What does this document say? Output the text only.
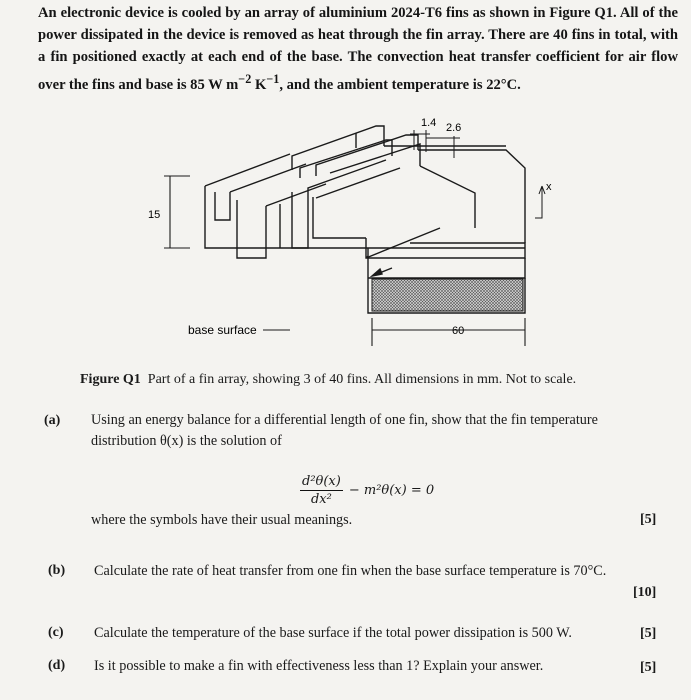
An electronic device is cooled by an array of aluminium 2024-T6 fins as shown in Figure Q1. All of the power dissipated in the device is removed as heat through the fin array. There are 40 fins in total, with a fin positioned exactly at each end of the base. The convection heat transfer coefficient for air flow over the fins and base is 85 W $m^{-2}$ $K^{-1}$, and the ambient temperature is 22°C.
15
1.4 2.6
x
base surface	60
Figure Q1 Part of a fin array, showing 3 of 40 fins. All dimensions in mm. Not to scale.
(a) Using an energy balance for a differential length of one fin, show that the fin temperature
distribution θ(x) is the solution of
$\frac{\text{d²θ(x)}}{\text{dx²}} - m^2\theta(x) = 0$
where the symbols have their usual meanings.	[5]
(b) Calculate the rate of heat transfer from one fin when the base surface temperature is 70°C.
[10]
(c) Calculate the temperature of the base surface if the total power dissipation is 500 W.	[5]
(d) Is it possible to make a fin with effectiveness less than 1? Explain your answer.	[5]
